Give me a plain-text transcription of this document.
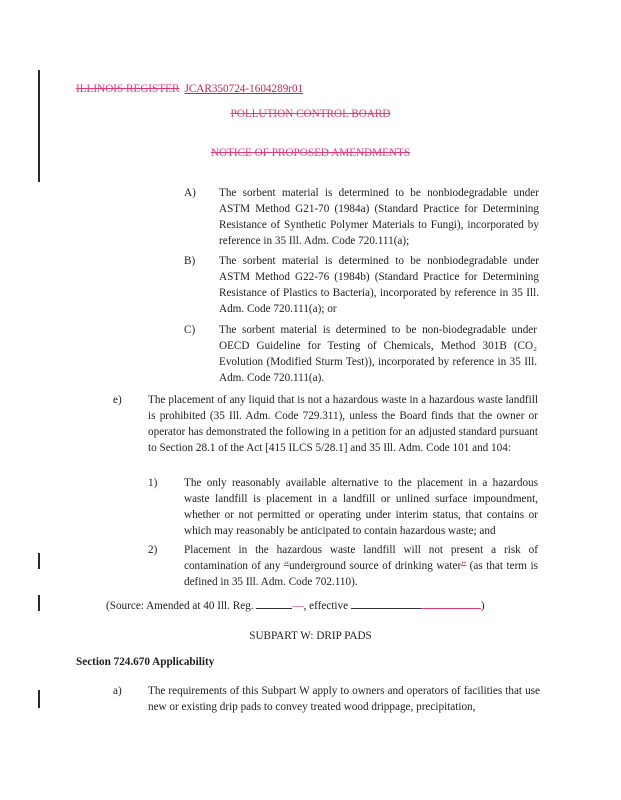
ILLINOIS REGISTER JCAR350724-1604289r01
POLLUTION CONTROL BOARD
NOTICE OF PROPOSED AMENDMENTS
A) The sorbent material is determined to be nonbiodegradable under ASTM Method G21-70 (1984a) (Standard Practice for Determining Resistance of Synthetic Polymer Materials to Fungi), incorporated by reference in 35 Ill. Adm. Code 720.111(a);
B) The sorbent material is determined to be nonbiodegradable under ASTM Method G22-76 (1984b) (Standard Practice for Determining Resistance of Plastics to Bacteria), incorporated by reference in 35 Ill. Adm. Code 720.111(a); or
C) The sorbent material is determined to be non-biodegradable under OECD Guideline for Testing of Chemicals, Method 301B (CO₂ Evolution (Modified Sturm Test)), incorporated by reference in 35 Ill. Adm. Code 720.111(a).
e) The placement of any liquid that is not a hazardous waste in a hazardous waste landfill is prohibited (35 Ill. Adm. Code 729.311), unless the Board finds that the owner or operator has demonstrated the following in a petition for an adjusted standard pursuant to Section 28.1 of the Act [415 ILCS 5/28.1] and 35 Ill. Adm. Code 101 and 104:
1) The only reasonably available alternative to the placement in a hazardous waste landfill is placement in a landfill or unlined surface impoundment, whether or not permitted or operating under interim status, that contains or which may reasonably be anticipated to contain hazardous waste; and
2) Placement in the hazardous waste landfill will not present a risk of contamination of any “underground source of drinking water” (as that term is defined in 35 Ill. Adm. Code 702.110).
(Source: Amended at 40 Ill. Reg.	—, effective	)
SUBPART W: DRIP PADS
Section 724.670 Applicability
a) The requirements of this Subpart W apply to owners and operators of facilities that use new or existing drip pads to convey treated wood drippage, precipitation,
